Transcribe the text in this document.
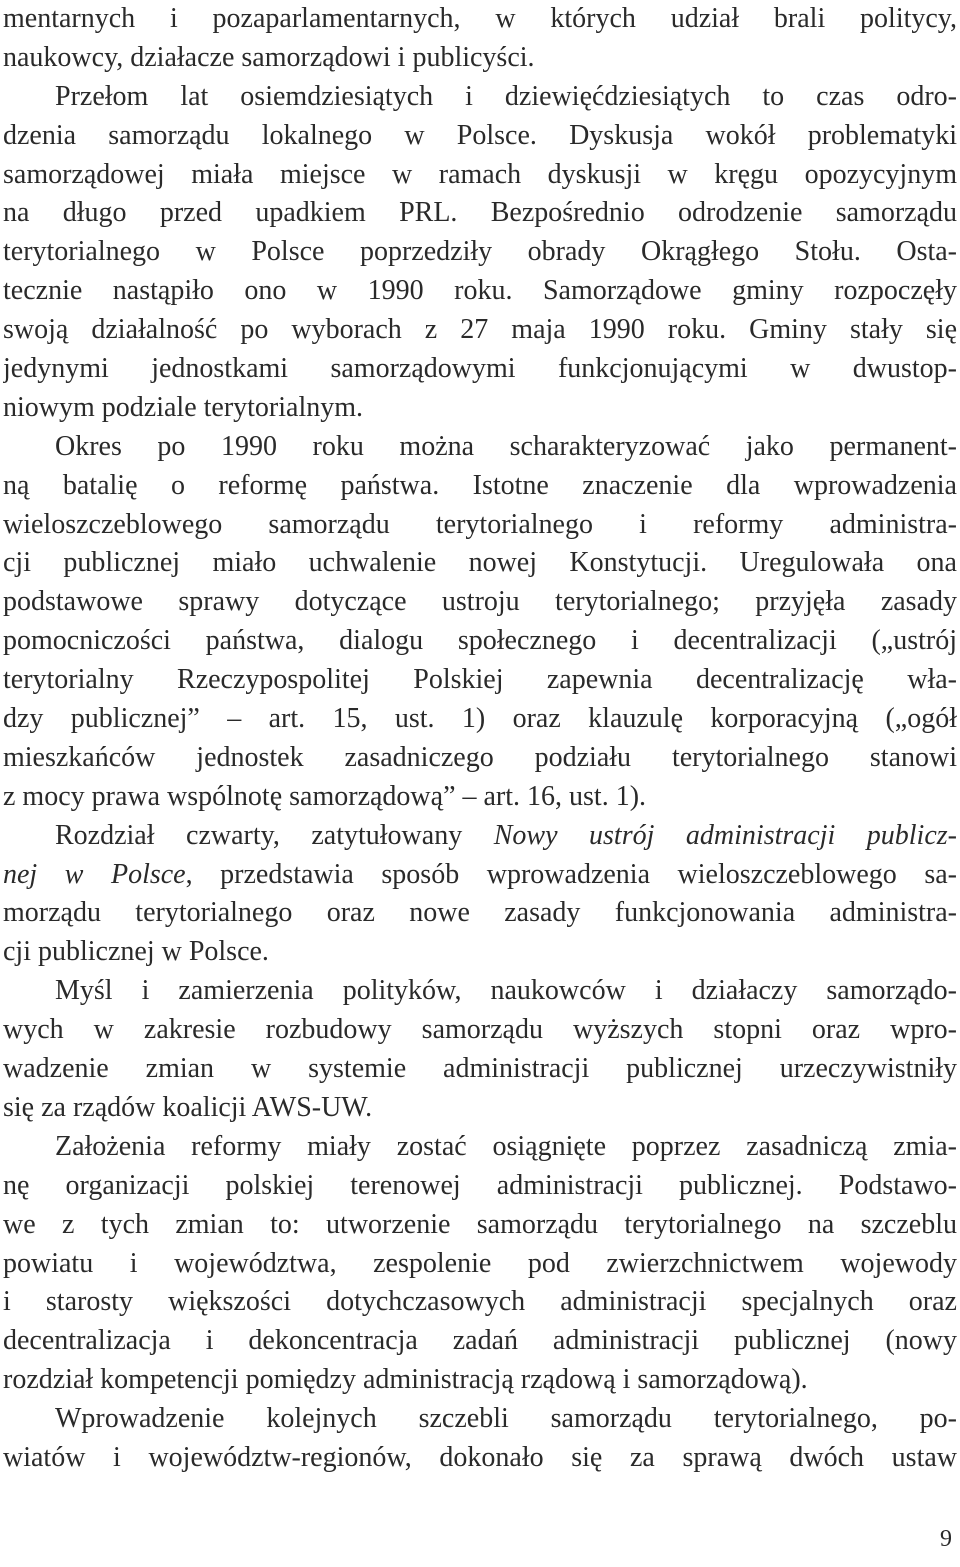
mentarnych i pozaparlamentarnych, w których udział brali politycy,
naukowcy, działacze samorządowi i publicyści.
Przełom lat osiemdziesiątych i dziewięćdziesiątych to czas odro-
dzenia samorządu lokalnego w Polsce. Dyskusja wokół problematyki
samorządowej miała miejsce w ramach dyskusji w kręgu opozycyjnym
na długo przed upadkiem PRL. Bezpośrednio odrodzenie samorządu
terytorialnego w Polsce poprzedziły obrady Okrągłego Stołu. Osta-
tecznie nastąpiło ono w 1990 roku. Samorządowe gminy rozpoczęły
swoją działalność po wyborach z 27 maja 1990 roku. Gminy stały się
jedynymi jednostkami samorządowymi funkcjonującymi w dwustop-
niowym podziale terytorialnym.
Okres po 1990 roku można scharakteryzować jako permanent-
ną batalię o reformę państwa. Istotne znaczenie dla wprowadzenia
wieloszczeblowego samorządu terytorialnego i reformy administra-
cji publicznej miało uchwalenie nowej Konstytucji. Uregulowała ona
podstawowe sprawy dotyczące ustroju terytorialnego; przyjęła zasady
pomocniczości państwa, dialogu społecznego i decentralizacji („ustrój
terytorialny Rzeczypospolitej Polskiej zapewnia decentralizację wła-
dzy publicznej” – art. 15, ust. 1) oraz klauzulę korporacyjną („ogół
mieszkańców jednostek zasadniczego podziału terytorialnego stanowi
z mocy prawa wspólnotę samorządową” – art. 16, ust. 1).
Rozdział czwarty, zatytułowany Nowy ustrój administracji publicz-
nej w Polsce, przedstawia sposób wprowadzenia wieloszczeblowego sa-
morządu terytorialnego oraz nowe zasady funkcjonowania administra-
cji publicznej w Polsce.
Myśl i zamierzenia polityków, naukowców i działaczy samorządo-
wych w zakresie rozbudowy samorządu wyższych stopni oraz wpro-
wadzenie zmian w systemie administracji publicznej urzeczywistniły
się za rządów koalicji AWS-UW.
Założenia reformy miały zostać osiągnięte poprzez zasadniczą zmia-
nę organizacji polskiej terenowej administracji publicznej. Podstawo-
we z tych zmian to: utworzenie samorządu terytorialnego na szczeblu
powiatu i województwa, zespolenie pod zwierzchnictwem wojewody
i starosty większości dotychczasowych administracji specjalnych oraz
decentralizacja i dekoncentracja zadań administracji publicznej (nowy
rozdział kompetencji pomiędzy administracją rządową i samorządową).
Wprowadzenie kolejnych szczebli samorządu terytorialnego, po-
wiatów i województw-regionów, dokonało się za sprawą dwóch ustaw
9
